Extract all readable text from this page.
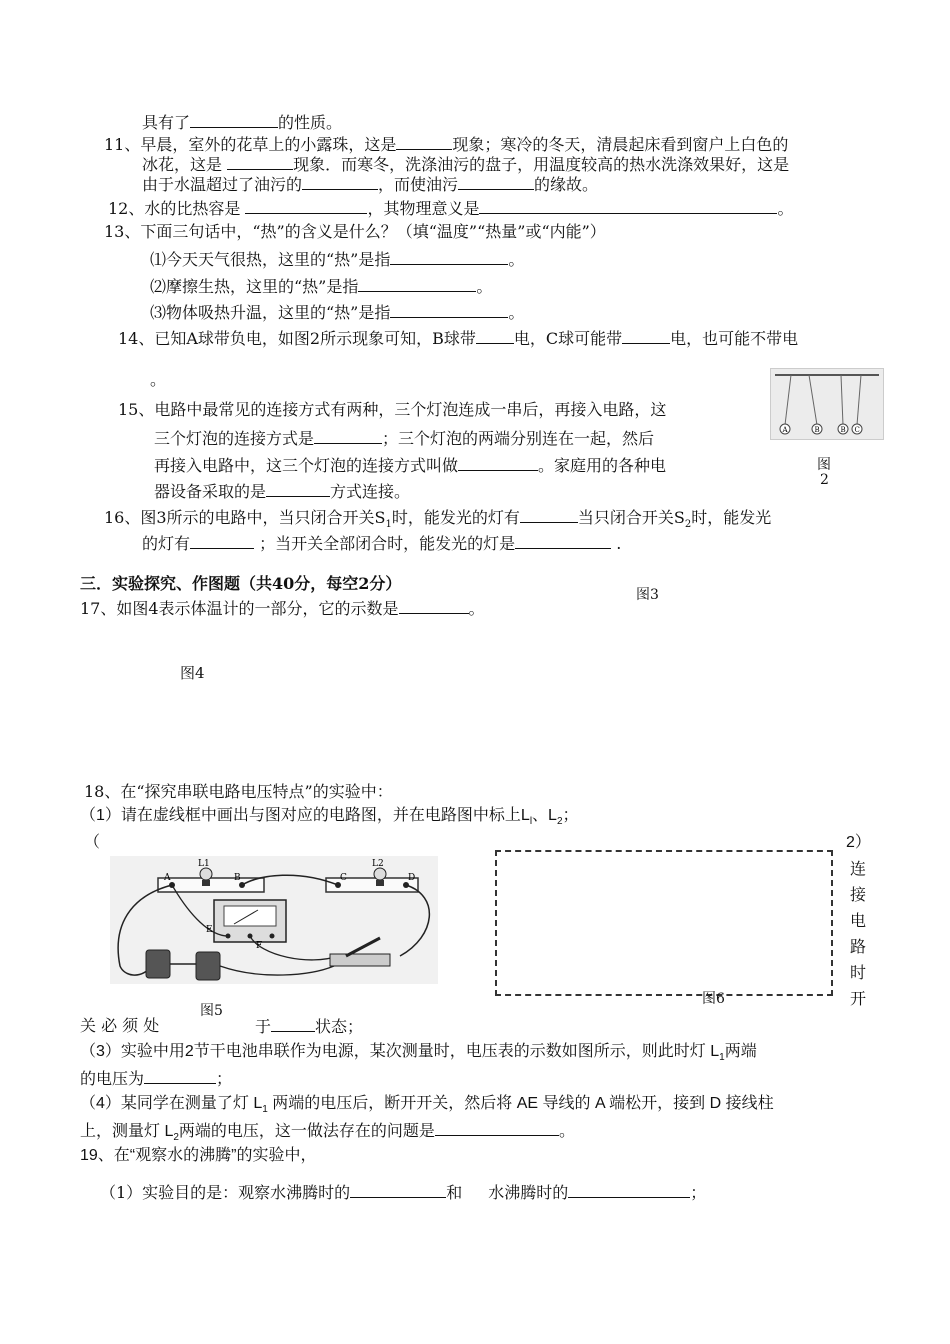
具有了	的性质。
11、早晨，室外的花草上的小露珠，这是	现象；寒冷的冬天，清晨起床看到窗户上白色的
冰花，这是	现象．而寒冬，洗涤油污的盘子，用温度较高的热水洗涤效果好，这是
由于水温超过了油污的	，而使油污	的缘故。
12、水的比热容是	，其物理意义是	。
13、下面三句话中，“热”的含义是什么？（填“温度”“热量”或“内能”）
⑴今天天气很热，这里的“热”是指	。
⑵摩擦生热，这里的“热”是指	。
⑶物体吸热升温，这里的“热”是指	。
14、已知A球带负电，如图2所示现象可知，B球带 电，C球可能带	电，也可能不带电
。
A	B	B C
图
2
15、电路中最常见的连接方式有两种，三个灯泡连成一串后，再接入电路，这
三个灯泡的连接方式是	；三个灯泡的两端分别连在一起，然后
再接入电路中，这三个灯泡的连接方式叫做	。家庭用的各种电
器设备采取的是	方式连接。
16、图3所示的电路中，当只闭合开关$S_1$时，能发光的灯有	当只闭合开关$S_2$时，能发光
的灯有	；当开关全部闭合时，能发光的灯是	.
三．实验探究、作图题（共40分，每空2分）
图3
17、如图4表示体温计的一部分，它的示数是	。
图4
18、在“探究串联电路电压特点”的实验中：
（1）请在虚线框中画出与图对应的电路图，并在电路图中标上$L_l$、$L_2$；
（	2）
连
接
电
路
时
开
L1	L2
A	B	C	D
E
F
图6
图5
关 必 须 处	于	状态；
（3）实验中用2节干电池串联作为电源，某次测量时，电压表的示数如图所示，则此时灯 $L_1$两端
的电压为	；
（4）某同学在测量了灯 $L_1$ 两端的电压后，断开开关，然后将 AE 导线的 A 端松开，接到 D 接线柱
上，测量灯 $L_2$两端的电压，这一做法存在的问题是	。
19、在“观察水的沸腾”的实验中，
（1）实验目的是：观察水沸腾时的	和 水沸腾时的	；
